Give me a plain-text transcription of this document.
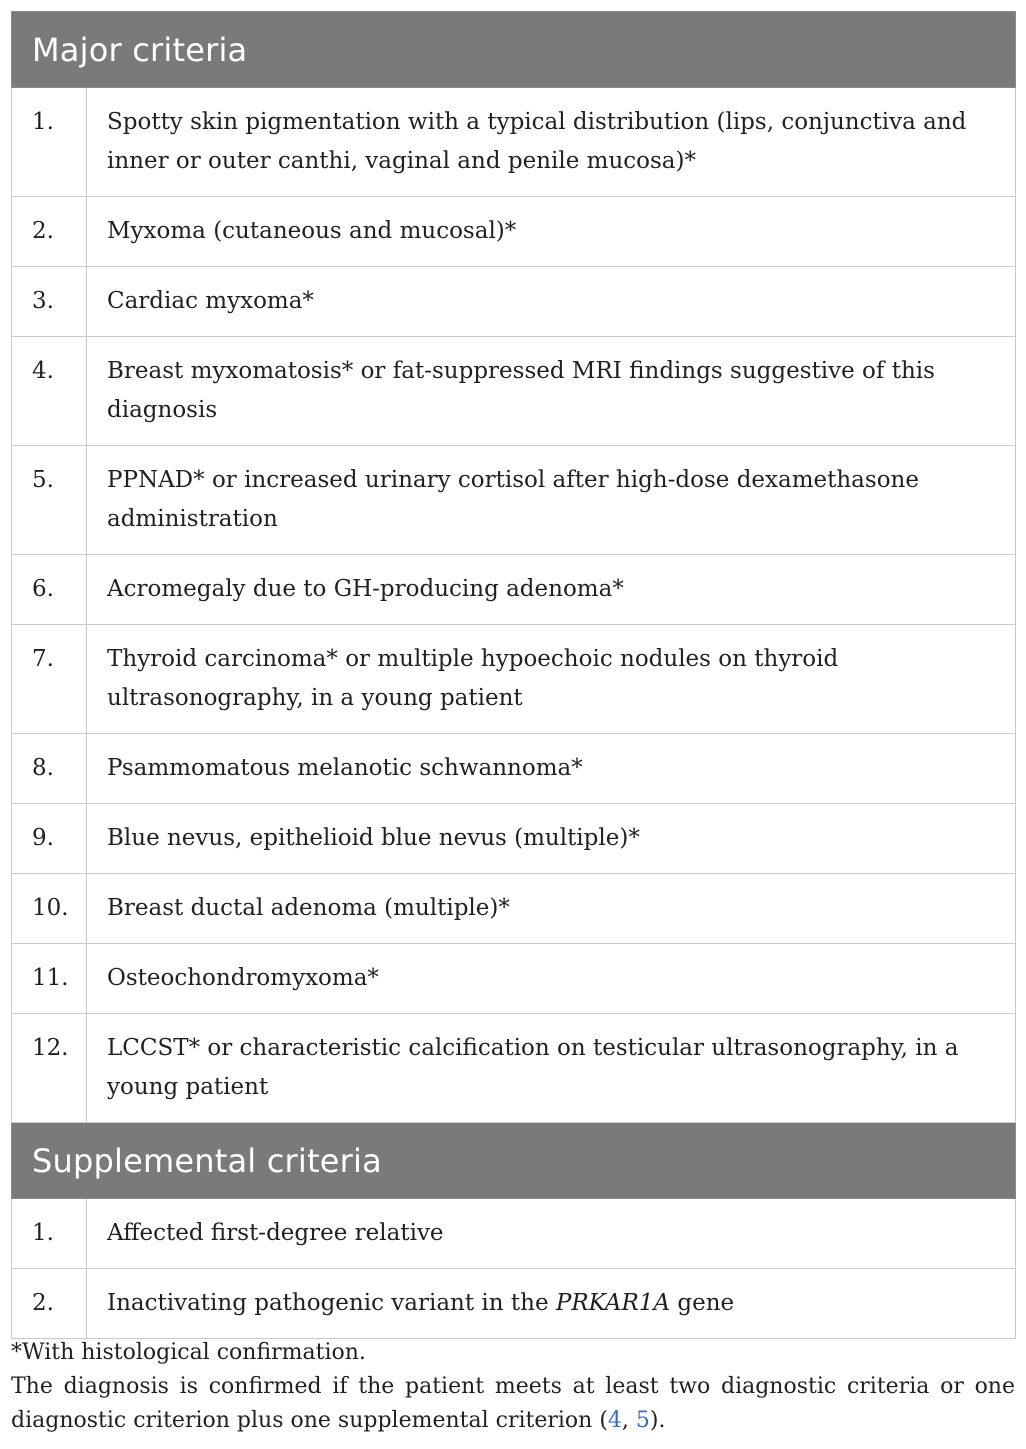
Major criteria	
1.	Spotty skin pigmentation with a typical distribution (lips, conjunctiva and inner or outer canthi, vaginal and penile mucosa)*
2.	Myxoma (cutaneous and mucosal)*
3.	Cardiac myxoma*
4.	Breast myxomatosis* or fat-suppressed MRI findings suggestive of this diagnosis
5.	PPNAD* or increased urinary cortisol after high-dose dexamethasone administration
6.	Acromegaly due to GH-producing adenoma*
7.	Thyroid carcinoma* or multiple hypoechoic nodules on thyroid ultrasonography, in a young patient
8.	Psammomatous melanotic schwannoma*
9.	Blue nevus, epithelioid blue nevus (multiple)*
10.	Breast ductal adenoma (multiple)*
11.	Osteochondromyxoma*
12.	LCCST* or characteristic calcification on testicular ultrasonography, in a young patient
Supplemental criteria	
1.	Affected first-degree relative
2.	Inactivating pathogenic variant in the PRKAR1A gene

*With histological confirmation.

The diagnosis is confirmed if the patient meets at least two diagnostic criteria or one diagnostic criterion plus one supplemental criterion (4, 5).
